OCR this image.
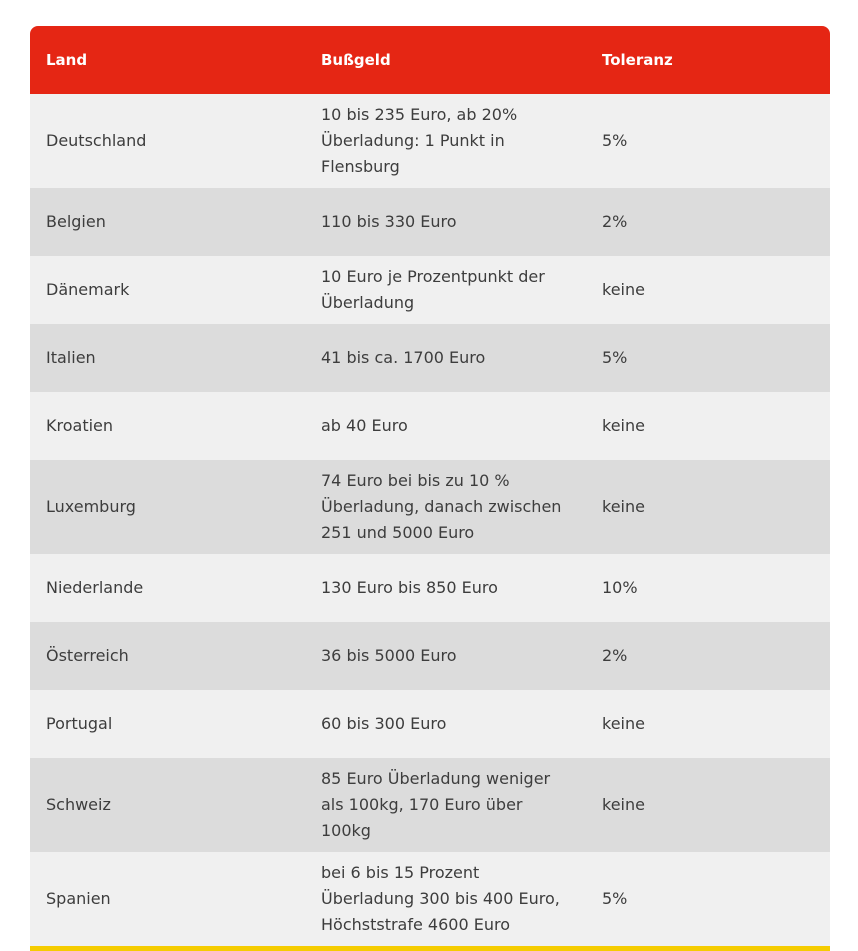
Land	Bußgeld	Toleranz
Deutschland	10 bis 235 Euro, ab 20% Überladung: 1 Punkt in Flensburg	5%
Belgien	110 bis 330 Euro	2%
Dänemark	10 Euro je Prozentpunkt der Überladung	keine
Italien	41 bis ca. 1700 Euro	5%
Kroatien	ab 40 Euro	keine
Luxemburg	74 Euro bei bis zu 10 % Überladung, danach zwischen 251 und 5000 Euro	keine
Niederlande	130 Euro bis 850 Euro	10%
Österreich	36 bis 5000 Euro	2%
Portugal	60 bis 300 Euro	keine
Schweiz	85 Euro Überladung weniger als 100kg, 170 Euro über 100kg	keine
Spanien	bei 6 bis 15 Prozent Überladung 300 bis 400 Euro, Höchststrafe 4600 Euro	5%
